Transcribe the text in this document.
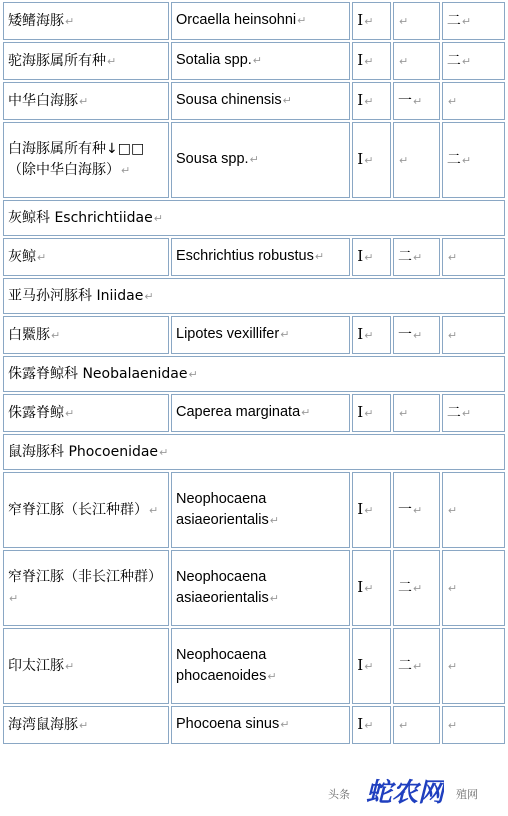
矮鳍海豚↵	Orcaella heinsohni↵	Ⅰ↵	↵	二↵
驼海豚属所有种↵	Sotalia spp.↵	Ⅰ↵	↵	二↵
中华白海豚↵	Sousa chinensis↵	Ⅰ↵	一↵	↵
白海豚属所有种↓□□（除中华白海豚）↵	Sousa spp.↵	Ⅰ↵	↵	二↵
灰鲸科 Eschrichtiidae↵				
灰鲸↵	Eschrichtius robustus↵	Ⅰ↵	二↵	↵
亚马孙河豚科 Iniidae↵				
白鱀豚↵	Lipotes vexillifer↵	Ⅰ↵	一↵	↵
侏露脊鲸科 Neobalaenidae↵				
侏露脊鲸↵	Caperea marginata↵	Ⅰ↵	↵	二↵
鼠海豚科 Phocoenidae↵				
窄脊江豚（长江种群）↵	Neophocaena asiaeorientalis↵	Ⅰ↵	一↵	↵
窄脊江豚（非长江种群）↵	Neophocaena asiaeorientalis↵	Ⅰ↵	二↵	↵
印太江豚↵	Neophocaena phocaenoides↵	Ⅰ↵	二↵	↵
海湾鼠海豚↵	Phocoena sinus↵	Ⅰ↵	↵	↵
头条 蛇农网	殖网
